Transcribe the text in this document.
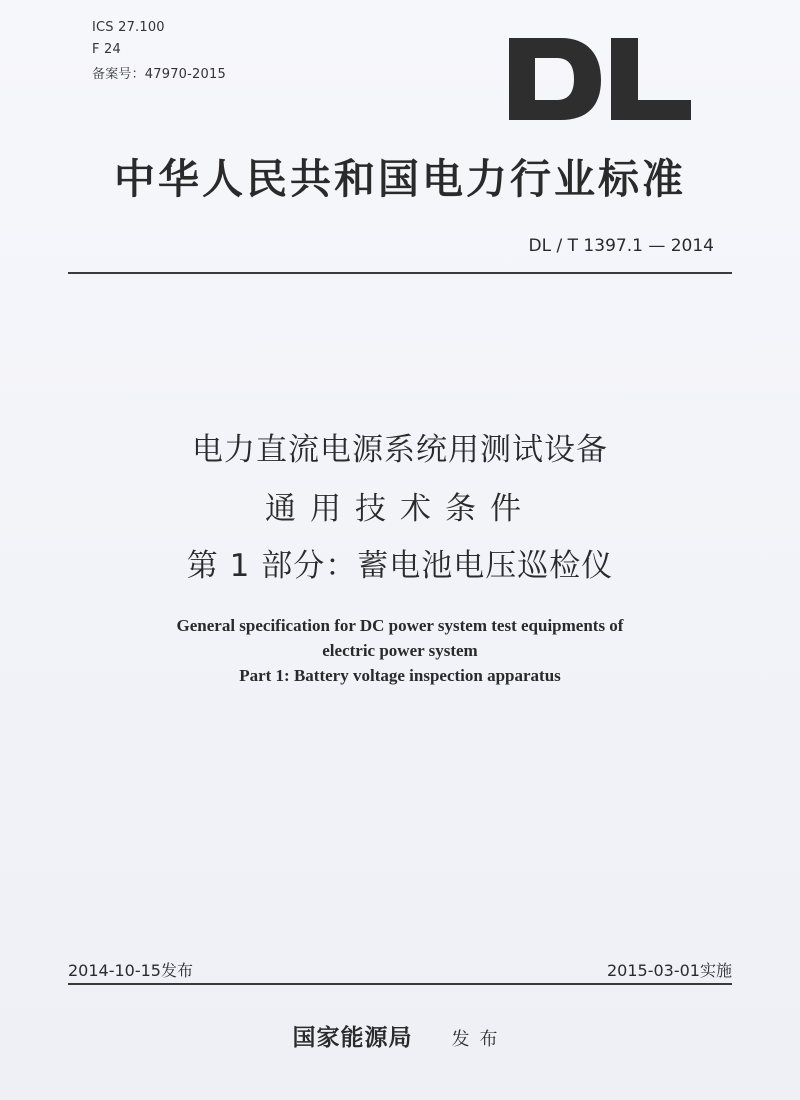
ICS 27.100
F 24
备案号：47970-2015
中华人民共和国电力行业标准
DL / T 1397.1 — 2014
电力直流电源系统用测试设备
通用技术条件
第 1 部分：蓄电池电压巡检仪
General specification for DC power system test equipments of
electric power system
Part 1: Battery voltage inspection apparatus
2014-10-15发布	2015-03-01实施
国家能源局 发布
